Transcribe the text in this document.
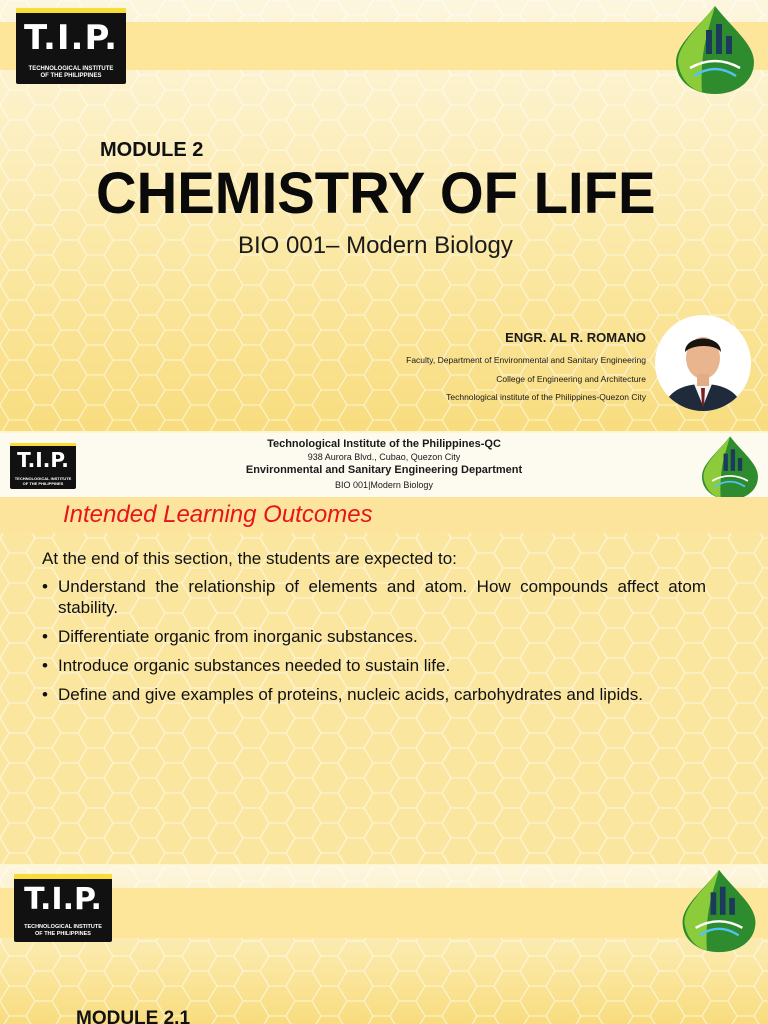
T.I.P.
TECHNOLOGICAL INSTITUTE
OF THE PHILIPPINES
MODULE 2
CHEMISTRY OF LIFE
BIO 001– Modern Biology
ENGR. AL R. ROMANO
Faculty, Department of Environmental and Sanitary Engineering
College of Engineering and Architecture
Technological institute of the Philippines-Quezon City
T.I.P.
TECHNOLOGICAL INSTITUTE
OF THE PHILIPPINES
Technological Institute of the Philippines-QC
938 Aurora Blvd., Cubao, Quezon City
Environmental and Sanitary Engineering Department
BIO 001|Modern Biology
Intended Learning Outcomes
At the end of this section, the students are expected to:
• Understand the relationship of elements and atom. How compounds affect atom stability.
• Differentiate organic from inorganic substances.
• Introduce organic substances needed to sustain life.
• Define and give examples of proteins, nucleic acids, carbohydrates and lipids.
T.I.P.
TECHNOLOGICAL INSTITUTE
OF THE PHILIPPINES
MODULE 2.1
